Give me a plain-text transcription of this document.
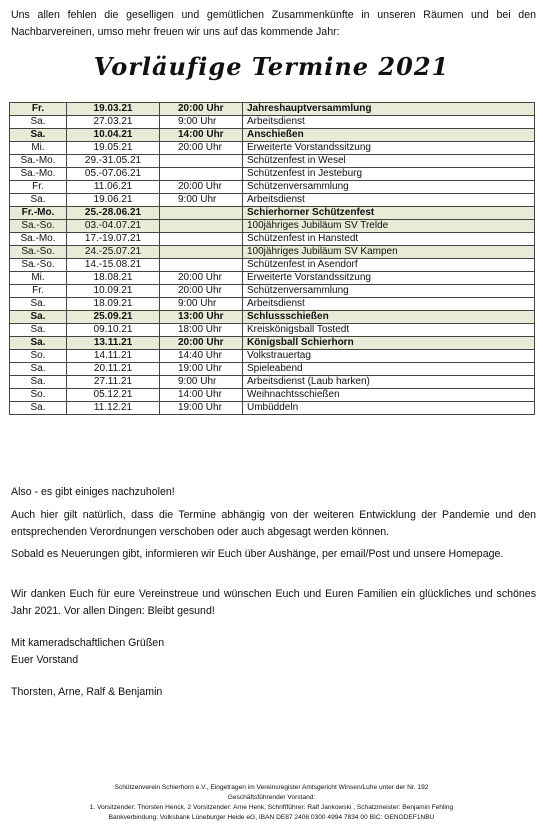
Uns allen fehlen die geselligen und gemütlichen Zusammenkünfte in unseren Räumen und bei den Nachbarvereinen, umso mehr freuen wir uns auf das kommende Jahr:

Vorläufige Termine 2021
Fr.	19.03.21	20:00 Uhr	Jahreshauptversammlung
Sa.	27.03.21	9:00 Uhr	Arbeitsdienst
Sa.	10.04.21	14:00 Uhr	Anschießen
Mi.	19.05.21	20:00 Uhr	Erweiterte Vorstandssitzung
Sa.-Mo.	29.-31.05.21		Schützenfest in Wesel
Sa.-Mo.	05.-07.06.21		Schützenfest in Jesteburg
Fr.	11.06.21	20:00 Uhr	Schützenversammlung
Sa.	19.06.21	9:00 Uhr	Arbeitsdienst
Fr.-Mo.	25.-28.06.21		Schierhorner Schützenfest
Sa.-So.	03.-04.07.21		100jähriges Jubiläum SV Trelde
Sa.-Mo.	17.-19.07.21		Schützenfest in Hanstedt
Sa.-So.	24.-25.07.21		100jähriges Jubiläum SV Kampen
Sa.-So.	14.-15.08.21		Schützenfest in Asendorf
Mi.	18.08.21	20:00 Uhr	Erweiterte Vorstandssitzung
Fr.	10.09.21	20:00 Uhr	Schützenversammlung
Sa.	18.09.21	9:00 Uhr	Arbeitsdienst
Sa.	25.09.21	13:00 Uhr	Schlussschießen
Sa.	09.10.21	18:00 Uhr	Kreiskönigsball Tostedt
Sa.	13.11.21	20:00 Uhr	Königsball Schierhorn
So.	14.11.21	14:40 Uhr	Volkstrauertag
Sa.	20.11.21	19:00 Uhr	Spieleabend
Sa.	27.11.21	9:00 Uhr	Arbeitsdienst (Laub harken)
So.	05.12.21	14:00 Uhr	Weihnachtsschießen
Sa.	11.12.21	19:00 Uhr	Umbüddeln

Also - es gibt einiges nachzuholen!

Auch hier gilt natürlich, dass die Termine abhängig von der weiteren Entwicklung der Pandemie und den entsprechenden Verordnungen verschoben oder auch abgesagt werden können.

Sobald es Neuerungen gibt, informieren wir Euch über Aushänge, per email/Post und unsere Homepage.

Wir danken Euch für eure Vereinstreue und wünschen Euch und Euren Familien ein glückliches und schönes Jahr 2021. Vor allen Dingen: Bleibt gesund!

Mit kameradschaftlichen Grüßen

Euer Vorstand

Thorsten, Arne, Ralf & Benjamin

Schützenverein Schierhorn e.V., Eingetragen im Vereinsregister Amtsgericht Winsen/Luhe unter der Nr. 192
Geschäftsführender Vorstand:
1. Vorsitzender: Thorsten Henck, 2 Vorsitzender: Arne Henk, Schriftführer: Ralf Jankowski , Schatzmeister: Benjamin Fehling
Bankverbindung: Volksbank Lüneburger Heide eG, IBAN DE87 2406 0300 4994 7834 00 BIC: GENODEF1NBU
